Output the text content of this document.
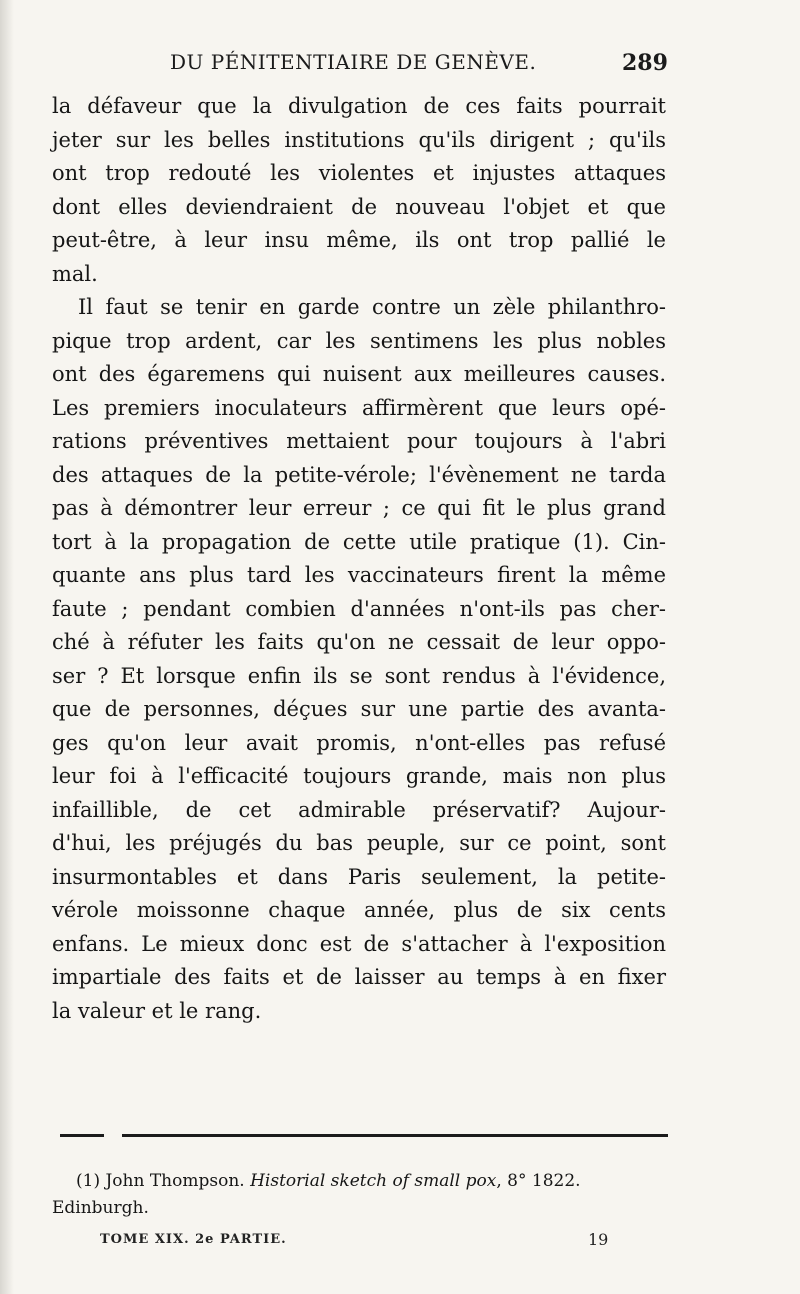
DU PÉNITENTIAIRE DE GENÈVE.	289
la défaveur que la divulgation de ces faits pourrait
jeter sur les belles institutions qu'ils dirigent ; qu'ils
ont trop redouté les violentes et injustes attaques
dont elles deviendraient de nouveau l'objet et que
peut-être, à leur insu même, ils ont trop pallié le
mal.
Il faut se tenir en garde contre un zèle philanthro-
pique trop ardent, car les sentimens les plus nobles
ont des égaremens qui nuisent aux meilleures causes.
Les premiers inoculateurs affirmèrent que leurs opé-
rations préventives mettaient pour toujours à l'abri
des attaques de la petite-vérole; l'évènement ne tarda
pas à démontrer leur erreur ; ce qui fit le plus grand
tort à la propagation de cette utile pratique (1). Cin-
quante ans plus tard les vaccinateurs firent la même
faute ; pendant combien d'années n'ont-ils pas cher-
ché à réfuter les faits qu'on ne cessait de leur oppo-
ser ? Et lorsque enfin ils se sont rendus à l'évidence,
que de personnes, déçues sur une partie des avanta-
ges qu'on leur avait promis, n'ont-elles pas refusé
leur foi à l'efficacité toujours grande, mais non plus
infaillible, de cet admirable préservatif? Aujour-
d'hui, les préjugés du bas peuple, sur ce point, sont
insurmontables et dans Paris seulement, la petite-
vérole moissonne chaque année, plus de six cents
enfans. Le mieux donc est de s'attacher à l'exposition
impartiale des faits et de laisser au temps à en fixer
la valeur et le rang.
(1) John Thompson. Historial sketch of small pox, 8° 1822.
Edinburgh.
TOME XIX. 2e PARTIE.	19
